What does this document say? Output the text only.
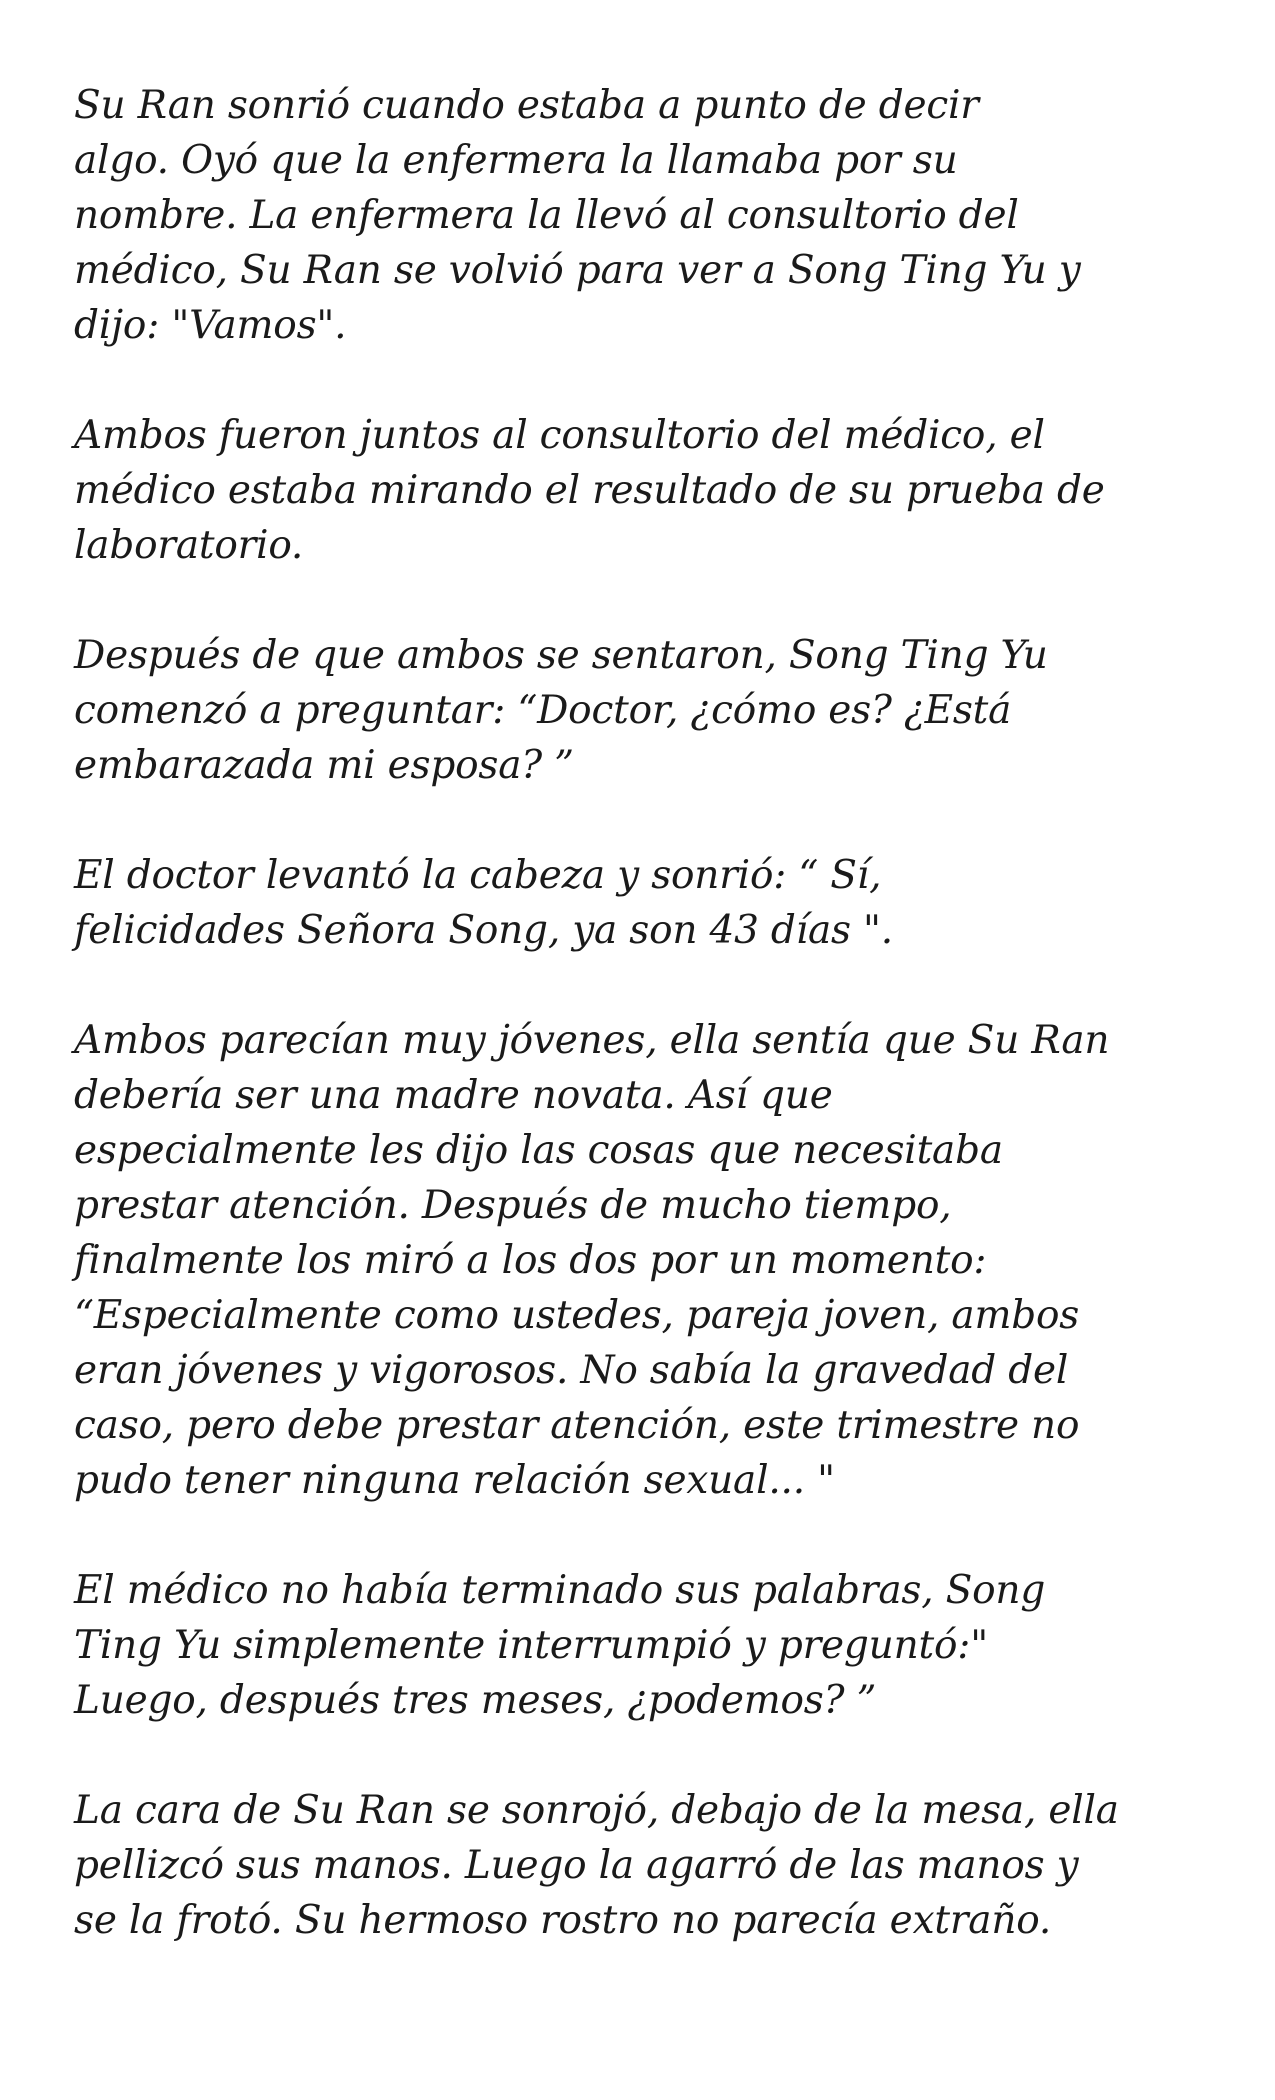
Su Ran sonrió cuando estaba a punto de decir
algo. Oyó que la enfermera la llamaba por su
nombre. La enfermera la llevó al consultorio del
médico, Su Ran se volvió para ver a Song Ting Yu y
dijo: "Vamos".

Ambos fueron juntos al consultorio del médico, el
médico estaba mirando el resultado de su prueba de
laboratorio.

Después de que ambos se sentaron, Song Ting Yu
comenzó a preguntar: “Doctor, ¿cómo es? ¿Está
embarazada mi esposa? ”

El doctor levantó la cabeza y sonrió: “ Sí,
felicidades Señora Song, ya son 43 días ".

Ambos parecían muy jóvenes, ella sentía que Su Ran
debería ser una madre novata. Así que
especialmente les dijo las cosas que necesitaba
prestar atención. Después de mucho tiempo,
finalmente los miró a los dos por un momento:
“Especialmente como ustedes, pareja joven, ambos
eran jóvenes y vigorosos. No sabía la gravedad del
caso, pero debe prestar atención, este trimestre no
pudo tener ninguna relación sexual... "

El médico no había terminado sus palabras, Song
Ting Yu simplemente interrumpió y preguntó:"
Luego, después tres meses, ¿podemos? ”

La cara de Su Ran se sonrojó, debajo de la mesa, ella
pellizcó sus manos. Luego la agarró de las manos y
se la frotó. Su hermoso rostro no parecía extraño.
